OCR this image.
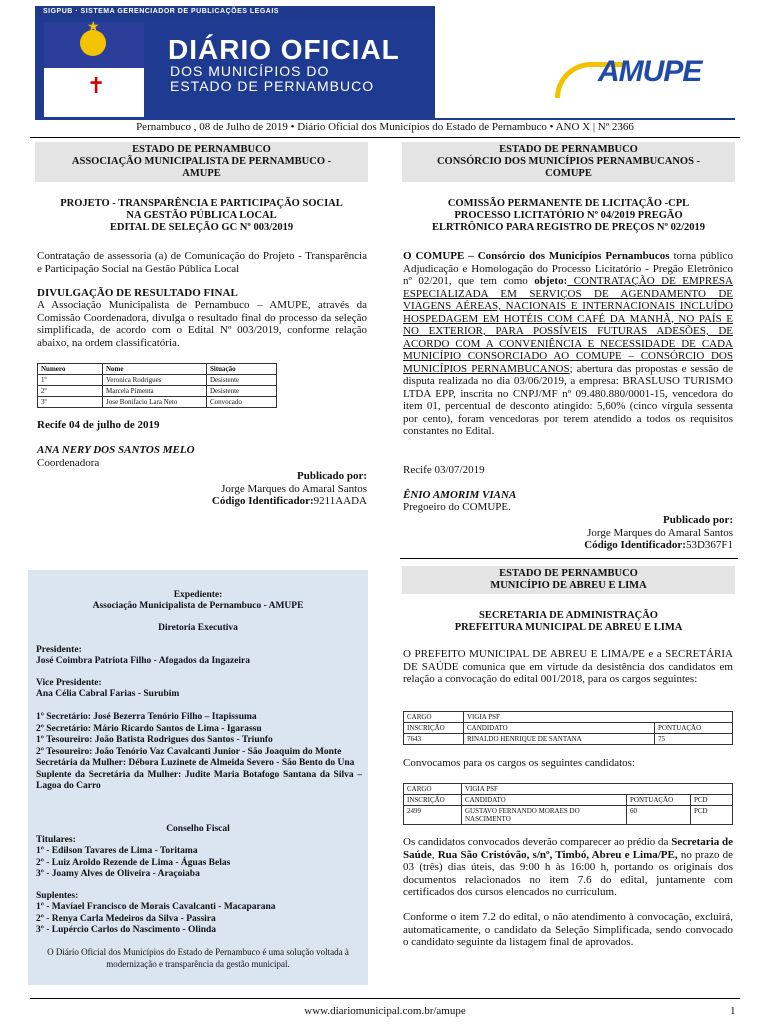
SIGPUB · SISTEMA GERENCIADOR DE PUBLICAÇÕES LEGAIS
★
✝
DIÁRIO OFICIAL
DOS MUNICÍPIOS DO
ESTADO DE PERNAMBUCO	AMUPE
Pernambuco , 08 de Julho de 2019 • Diário Oficial dos Municípios do Estado de Pernambuco • ANO X | Nº 2366
ESTADO DE PERNAMBUCO
ASSOCIAÇÃO MUNICIPALISTA DE PERNAMBUCO -
AMUPE
PROJETO - TRANSPARÊNCIA E PARTICIPAÇÃO SOCIAL
NA GESTÃO PÚBLICA LOCAL
EDITAL DE SELEÇÃO GC Nº 003/2019
Contratação de assessoria (a) de Comunicação do Projeto - Transparência e Participação Social na Gestão Pública Local
DIVULGAÇÃO DE RESULTADO FINAL
A Associação Municipalista de Pernambuco – AMUPE, através da Comissão Coordenadora, divulga o resultado final do processo da seleção simplificada, de acordo com o Edital Nº 003/2019, conforme relação abaixo, na ordem classificatória.
Numero	Nome	Situação
1º	Veronica Rodrigues	Desistente
2º	Marcela Pimenta	Desistente
3º	Jose Bonifacio Lara Neto	Convocado
Recife 04 de julho de 2019
ANA NERY DOS SANTOS MELO
Coordenadora
Publicado por:
Jorge Marques do Amaral Santos
Código Identificador:9211AADA
Expediente:
Associação Municipalista de Pernambuco - AMUPE
Diretoria Executiva
Presidente:
José Coimbra Patriota Filho - Afogados da Ingazeira
Vice Presidente:
Ana Célia Cabral Farias - Surubim
1º Secretário: José Bezerra Tenório Filho – Itapissuma
2º Secretário: Mário Ricardo Santos de Lima - Igarassu
1º Tesoureiro: João Batista Rodrigues dos Santos - Triunfo
2º Tesoureiro: João Tenório Vaz Cavalcanti Junior - São Joaquim do Monte
Secretária da Mulher: Débora Luzinete de Almeida Severo - São Bento do Una
Suplente da Secretária da Mulher: Judite Maria Botafogo Santana da Silva – Lagoa do Carro
Conselho Fiscal
Titulares:
1º - Edilson Tavares de Lima - Toritama
2º - Luiz Aroldo Rezende de Lima - Águas Belas
3º - Joamy Alves de Oliveira - Araçoiaba
Suplentes:
1º - Mavíael Francisco de Morais Cavalcanti - Macaparana
2º - Renya Carla Medeiros da Silva - Passira
3º - Lupércio Carlos do Nascimento - Olinda
O Diário Oficial dos Municípios do Estado de Pernambuco é uma solução voltada à modernização e transparência da gestão municipal.
ESTADO DE PERNAMBUCO
CONSÓRCIO DOS MUNICÍPIOS PERNAMBUCANOS -
COMUPE
COMISSÃO PERMANENTE DE LICITAÇÃO -CPL
PROCESSO LICITATÓRIO Nº 04/2019 PREGÃO
ELRTRÔNICO PARA REGISTRO DE PREÇOS Nº 02/2019
O COMUPE – Consórcio dos Municípios Pernambucos torna público Adjudicação e Homologação do Processo Licitatório - Pregão Eletrônico nº 02/201, que tem como objeto: CONTRATAÇÃO DE EMPRESA ESPECIALIZADA EM SERVIÇOS DE AGENDAMENTO DE VIAGENS AÉREAS, NACIONAIS E INTERNACIONAIS INCLUÍDO HOSPEDAGEM EM HOTÉIS COM CAFÉ DA MANHÃ, NO PAÍS E NO EXTERIOR, PARA POSSÍVEIS FUTURAS ADESÕES, DE ACORDO COM A CONVENIÊNCIA E NECESSIDADE DE CADA MUNICÍPIO CONSORCIADO AO COMUPE – CONSÓRCIO DOS MUNICÍPIOS PERNAMBUCANOS; abertura das propostas e sessão de disputa realizada no dia 03/06/2019, a empresa: BRASLUSO TURISMO LTDA EPP, inscrita no CNPJ/MF nº 09.480.880/0001-15, vencedora do item 01, percentual de desconto atingido: 5,60% (cinco vírgula sessenta por cento), foram vencedoras por terem atendido a todos os requisitos constantes no Edital.
Recife 03/07/2019
ÊNIO AMORIM VIANA
Pregoeiro do COMUPE.
Publicado por:
Jorge Marques do Amaral Santos
Código Identificador:53D367F1
ESTADO DE PERNAMBUCO
MUNICÍPIO DE ABREU E LIMA
SECRETARIA DE ADMINISTRAÇÃO
PREFEITURA MUNICIPAL DE ABREU E LIMA
O PREFEITO MUNICIPAL DE ABREU E LIMA/PE e a SECRETÁRIA DE SAÚDE comunica que em virtude da desistência dos candidatos em relação a convocação do edital 001/2018, para os cargos seguintes:
CARGO	VIGIA PSF	
INSCRIÇÃO	CANDIDATO	PONTUAÇÃO
7643	RINALDO HENRIQUE DE SANTANA	75
Convocamos para os cargos os seguintes candidatos:
CARGO	VIGIA PSF		
INSCRIÇÃO	CANDIDATO	PONTUAÇÃO	PCD
2499	GUSTAVO FERNANDO MORAES DO NASCIMENTO	60	PCD
Os candidatos convocados deverão comparecer ao prédio da Secretaria de Saúde, Rua São Cristóvão, s/nº, Timbó, Abreu e Lima/PE, no prazo de 03 (três) dias úteis, das 9:00 h às 16:00 h, portando os originais dos documentos relacionados no item 7.6 do edital, juntamente com certificados dos cursos elencados no curriculum.
Conforme o item 7.2 do edital, o não atendimento à convocação, excluirá, automaticamente, o candidato da Seleção Simplificada, sendo convocado o candidato seguinte da listagem final de aprovados.
www.diariomunicipal.com.br/amupe	1
